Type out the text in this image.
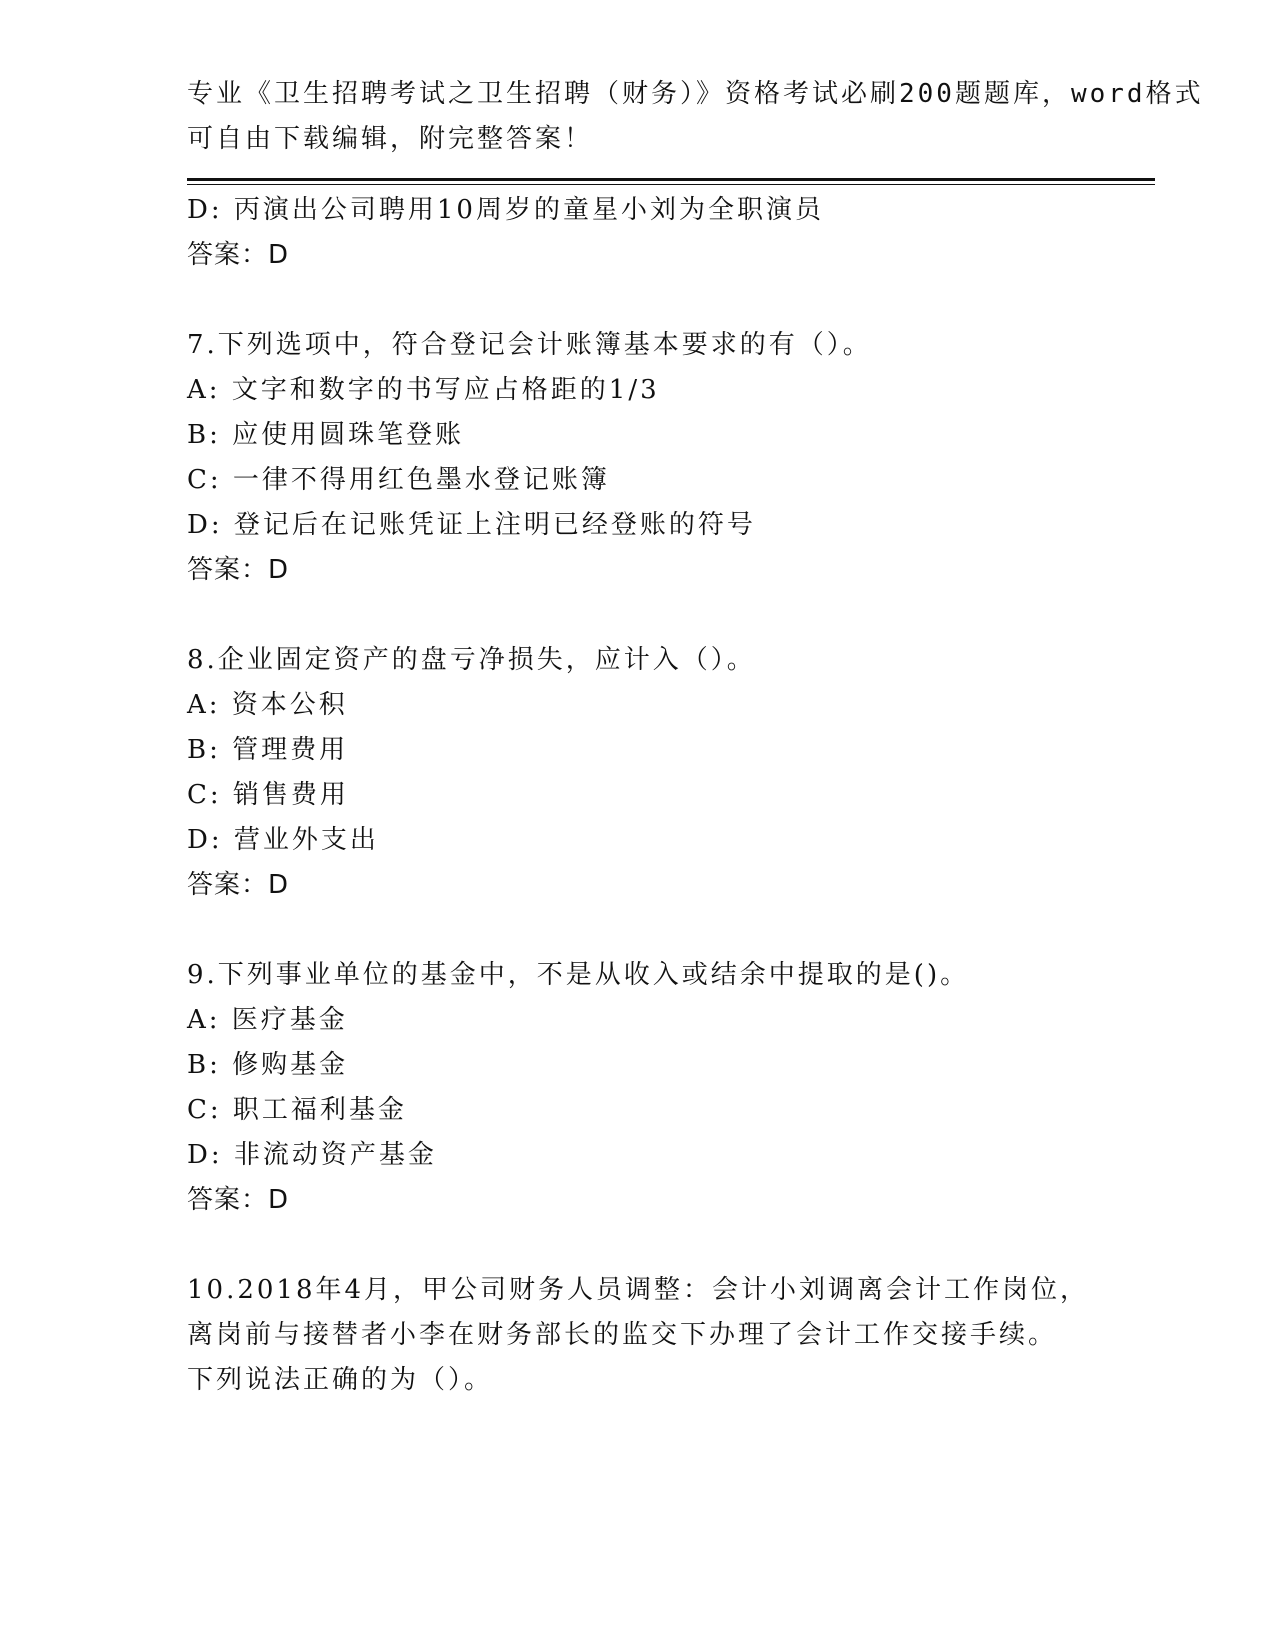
专业《卫生招聘考试之卫生招聘（财务）》资格考试必刷200题题库，word格式
可自由下载编辑，附完整答案！
D: 丙演出公司聘用10周岁的童星小刘为全职演员
答案：D
7.下列选项中，符合登记会计账簿基本要求的有（）。
A: 文字和数字的书写应占格距的1/3
B: 应使用圆珠笔登账
C: 一律不得用红色墨水登记账簿
D: 登记后在记账凭证上注明已经登账的符号
答案：D
8.企业固定资产的盘亏净损失，应计入（）。
A: 资本公积
B: 管理费用
C: 销售费用
D: 营业外支出
答案：D
9.下列事业单位的基金中，不是从收入或结余中提取的是()。
A: 医疗基金
B: 修购基金
C: 职工福利基金
D: 非流动资产基金
答案：D
10.2018年4月，甲公司财务人员调整：会计小刘调离会计工作岗位，
离岗前与接替者小李在财务部长的监交下办理了会计工作交接手续。
下列说法正确的为（）。
